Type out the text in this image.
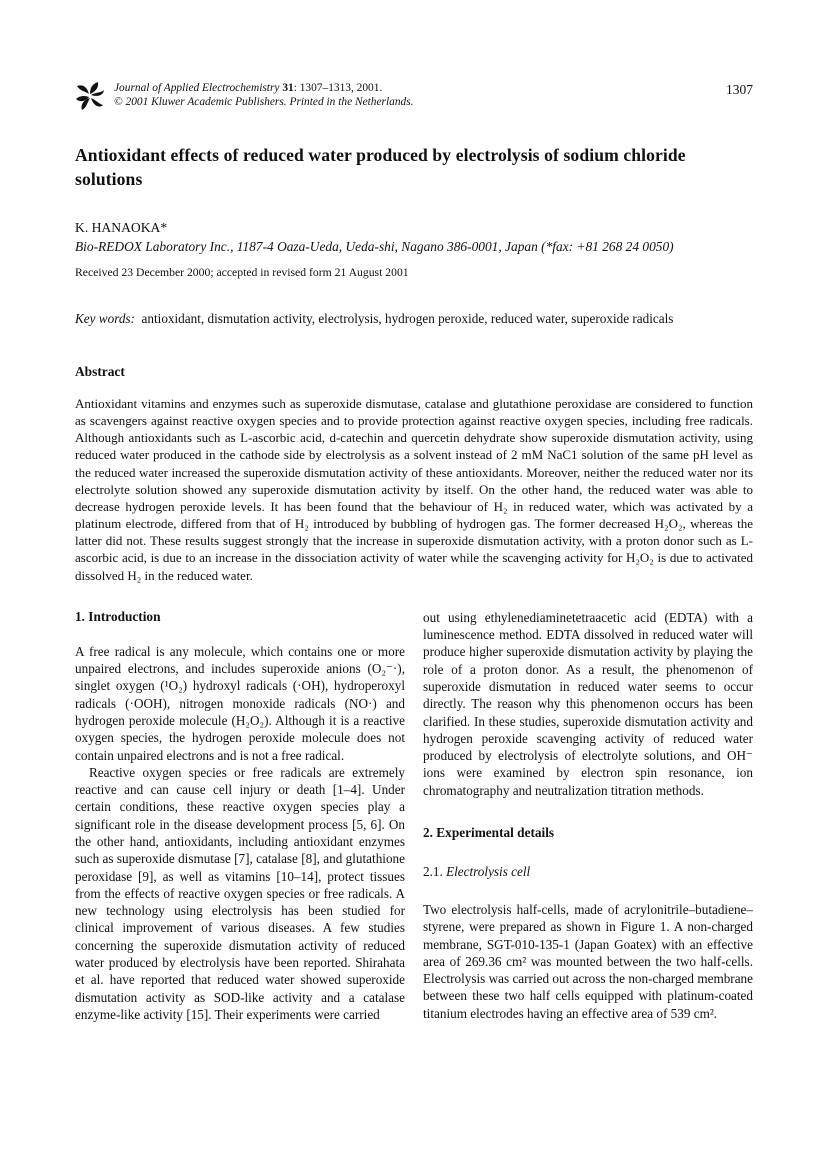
Journal of Applied Electrochemistry 31: 1307–1313, 2001.
© 2001 Kluwer Academic Publishers. Printed in the Netherlands.
1307
Antioxidant effects of reduced water produced by electrolysis of sodium chloride solutions
K. HANAOKA*
Bio-REDOX Laboratory Inc., 1187-4 Oaza-Ueda, Ueda-shi, Nagano 386-0001, Japan (*fax: +81 268 24 0050)
Received 23 December 2000; accepted in revised form 21 August 2001
Key words: antioxidant, dismutation activity, electrolysis, hydrogen peroxide, reduced water, superoxide radicals
Abstract

Antioxidant vitamins and enzymes such as superoxide dismutase, catalase and glutathione peroxidase are considered to function as scavengers against reactive oxygen species and to provide protection against reactive oxygen species, including free radicals. Although antioxidants such as L-ascorbic acid, d-catechin and quercetin dehydrate show superoxide dismutation activity, using reduced water produced in the cathode side by electrolysis as a solvent instead of 2 mM NaC1 solution of the same pH level as the reduced water increased the superoxide dismutation activity of these antioxidants. Moreover, neither the reduced water nor its electrolyte solution showed any superoxide dismutation activity by itself. On the other hand, the reduced water was able to decrease hydrogen peroxide levels. It has been found that the behaviour of H₂ in reduced water, which was activated by a platinum electrode, differed from that of H₂ introduced by bubbling of hydrogen gas. The former decreased H₂O₂, whereas the latter did not. These results suggest strongly that the increase in superoxide dismutation activity, with a proton donor such as L-ascorbic acid, is due to an increase in the dissociation activity of water while the scavenging activity for H₂O₂ is due to activated dissolved H₂ in the reduced water.

1. Introduction

A free radical is any molecule, which contains one or more unpaired electrons, and includes superoxide anions (O₂⁻·), singlet oxygen (¹O₂) hydroxyl radicals (·OH), hydroperoxyl radicals (·OOH), nitrogen monoxide radicals (NO·) and hydrogen peroxide molecule (H₂O₂). Although it is a reactive oxygen species, the hydrogen peroxide molecule does not contain unpaired electrons and is not a free radical.

Reactive oxygen species or free radicals are extremely reactive and can cause cell injury or death [1–4]. Under certain conditions, these reactive oxygen species play a significant role in the disease development process [5, 6]. On the other hand, antioxidants, including antioxidant enzymes such as superoxide dismutase [7], catalase [8], and glutathione peroxidase [9], as well as vitamins [10–14], protect tissues from the effects of reactive oxygen species or free radicals. A new technology using electrolysis has been studied for clinical improvement of various diseases. A few studies concerning the superoxide dismutation activity of reduced water produced by electrolysis have been reported. Shirahata et al. have reported that reduced water showed superoxide dismutation activity as SOD-like activity and a catalase enzyme-like activity [15]. Their experiments were carried

out using ethylenediaminetetraacetic acid (EDTA) with a luminescence method. EDTA dissolved in reduced water will produce higher superoxide dismutation activity by playing the role of a proton donor. As a result, the phenomenon of superoxide dismutation in reduced water seems to occur directly. The reason why this phenomenon occurs has been clarified. In these studies, superoxide dismutation activity and hydrogen peroxide scavenging activity of reduced water produced by electrolysis of electrolyte solutions, and OH⁻ ions were examined by electron spin resonance, ion chromatography and neutralization titration methods.

2. Experimental details
2.1. Electrolysis cell

Two electrolysis half-cells, made of acrylonitrile–butadiene–styrene, were prepared as shown in Figure 1. A non-charged membrane, SGT-010-135-1 (Japan Goatex) with an effective area of 269.36 cm² was mounted between the two half-cells. Electrolysis was carried out across the non-charged membrane between these two half cells equipped with platinum-coated titanium electrodes having an effective area of 539 cm².
